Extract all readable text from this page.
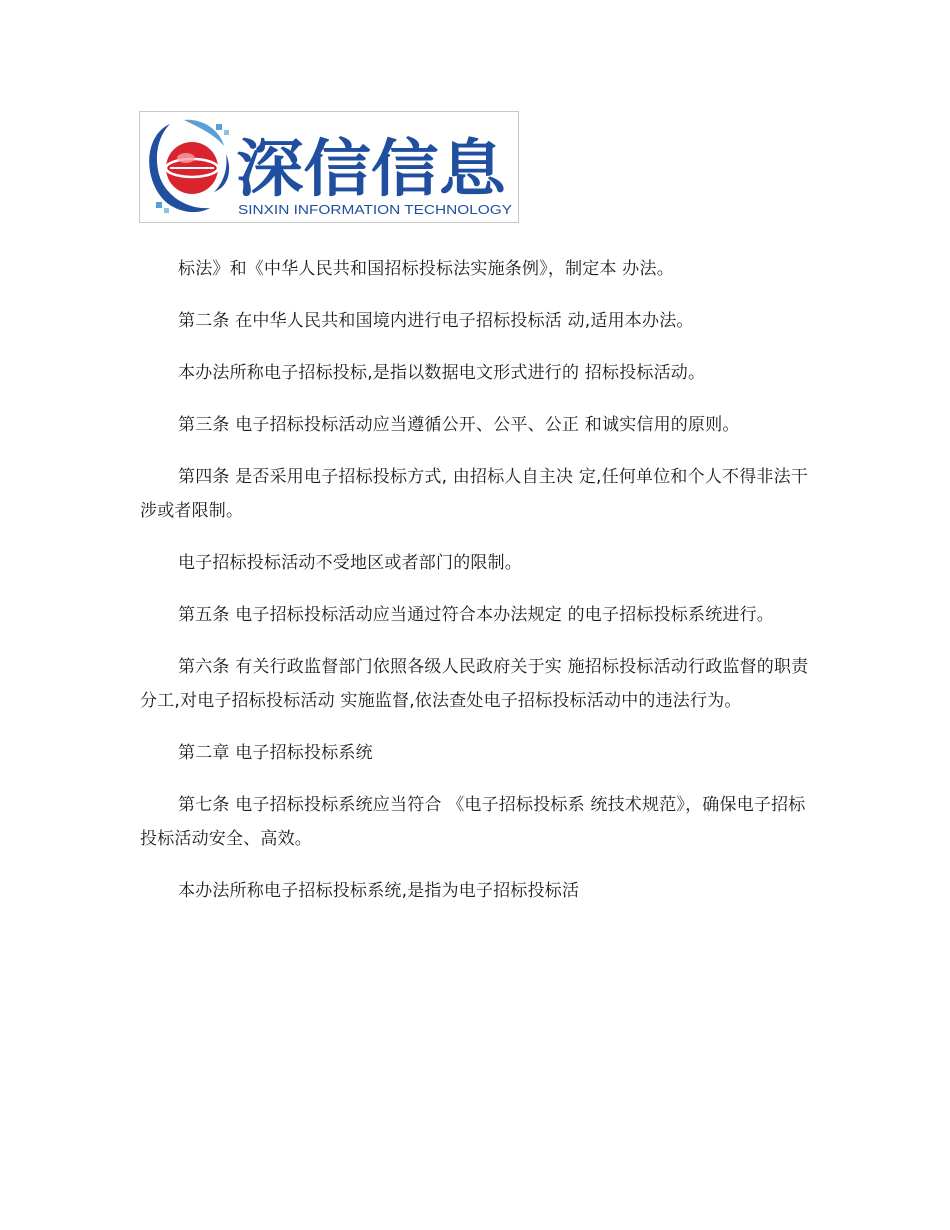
深信信息
SINXIN INFORMATION TECHNOLOGY

标法》和《中华人民共和国招标投标法实施条例》，制定本 办法。

第二条 在中华人民共和国境内进行电子招标投标活 动,适用本办法。

本办法所称电子招标投标,是指以数据电文形式进行的 招标投标活动。

第三条 电子招标投标活动应当遵循公开、公平、公正 和诚实信用的原则。

第四条 是否采用电子招标投标方式, 由招标人自主决 定,任何单位和个人不得非法干涉或者限制。

电子招标投标活动不受地区或者部门的限制。

第五条 电子招标投标活动应当通过符合本办法规定 的电子招标投标系统进行。

第六条 有关行政监督部门依照各级人民政府关于实 施招标投标活动行政监督的职责分工,对电子招标投标活动 实施监督,依法查处电子招标投标活动中的违法行为。

第二章 电子招标投标系统

第七条 电子招标投标系统应当符合 《电子招标投标系 统技术规范》，确保电子招标投标活动安全、高效。

本办法所称电子招标投标系统,是指为电子招标投标活
